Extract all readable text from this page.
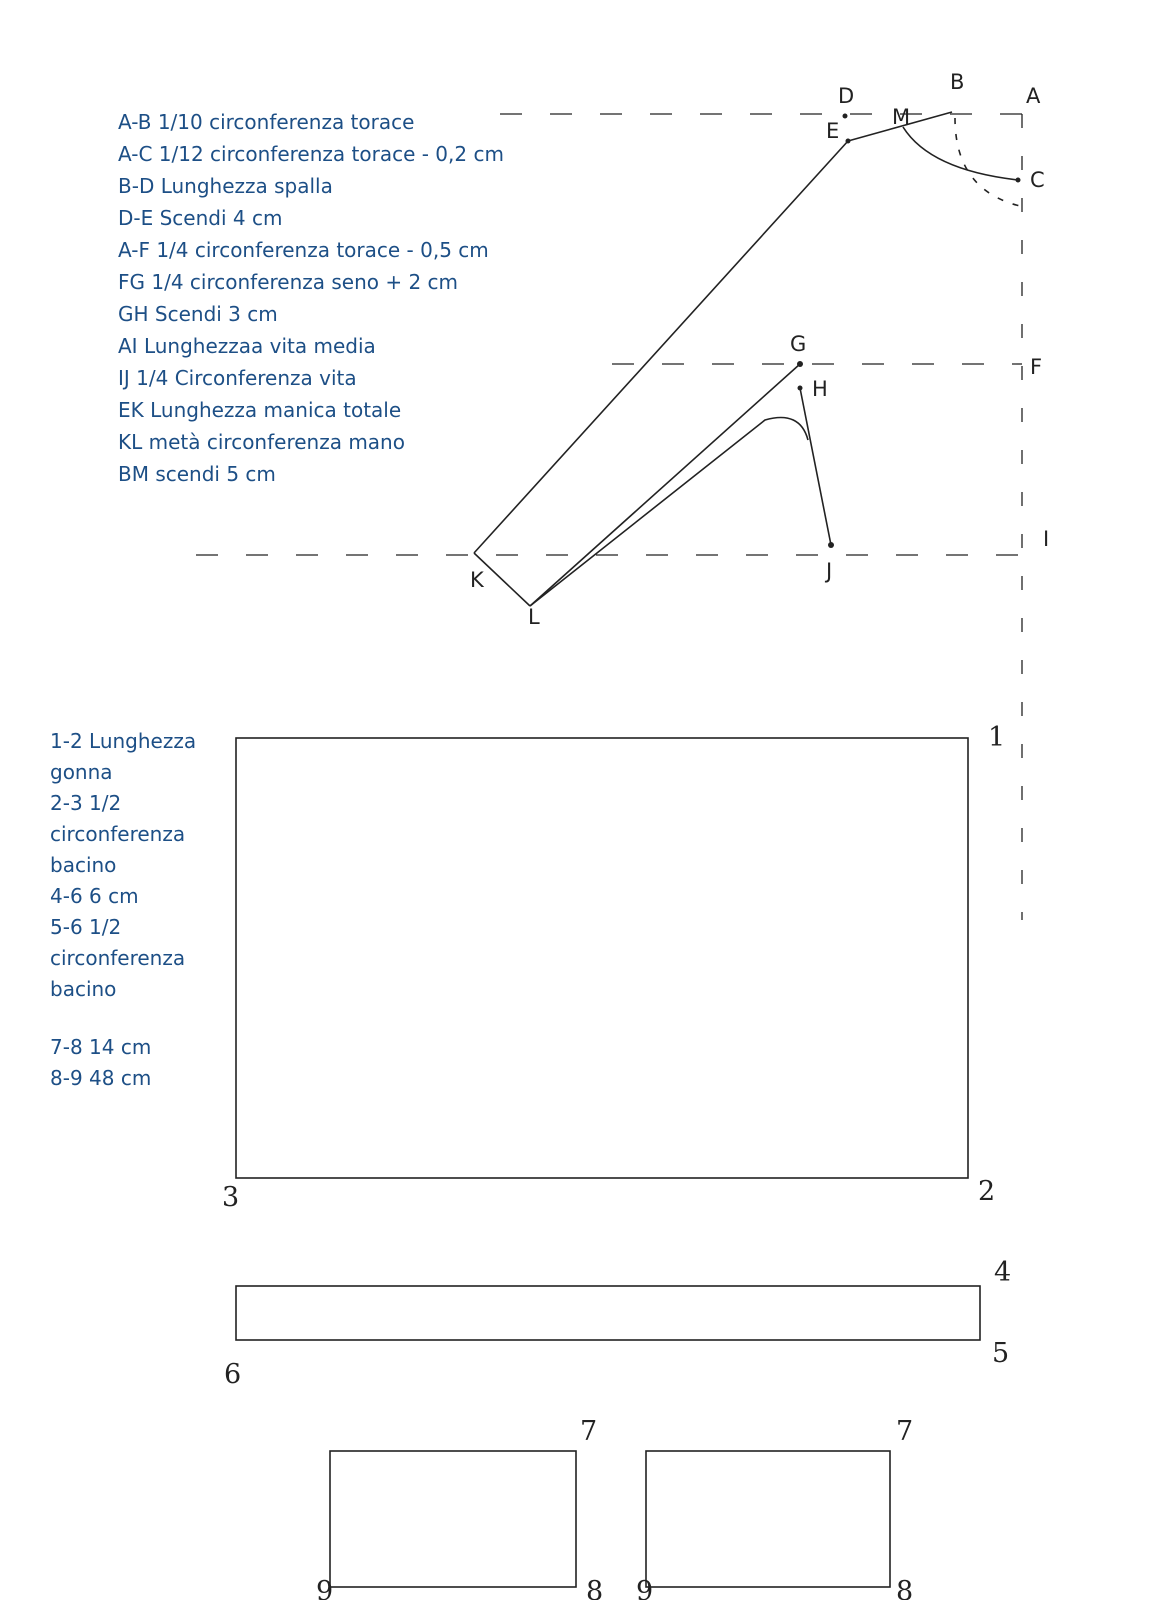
A
B
C
D
E
M
F
G
H
I
J
K
L
1
2
3
4
5
6
7
8
9
7
8
9
A-B 1/10 circonferenza torace
A-C 1/12 circonferenza torace - 0,2 cm
B-D Lunghezza spalla
D-E Scendi 4 cm
A-F 1/4 circonferenza torace - 0,5 cm
FG 1/4 circonferenza seno + 2 cm
GH Scendi 3 cm
AI Lunghezzaa vita media
IJ 1/4 Circonferenza vita
EK Lunghezza manica totale
KL metà circonferenza mano
BM scendi 5 cm
1-2 Lunghezza
gonna
2-3 1/2
circonferenza
bacino
4-6 6 cm
5-6 1/2
circonferenza
bacino
7-8 14 cm
8-9 48 cm
